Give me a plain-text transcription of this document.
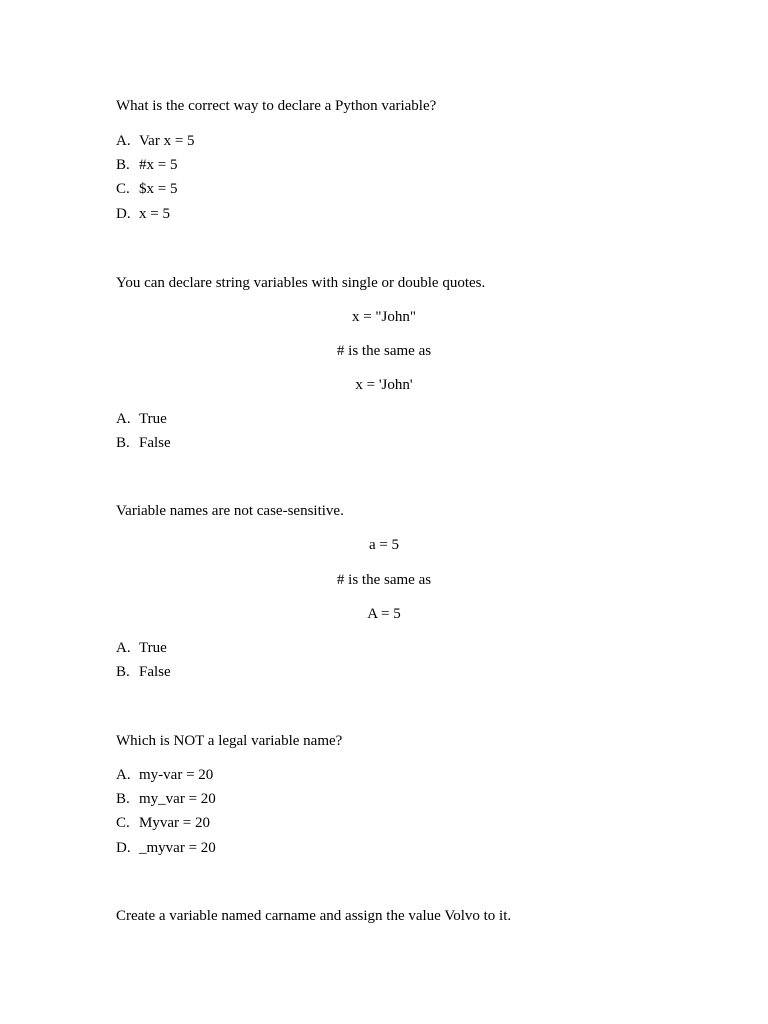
What is the correct way to declare a Python variable?
A. Var x = 5
B. #x = 5
C. $x = 5
D. x = 5
You can declare string variables with single or double quotes.
x = "John"
# is the same as
x = 'John'
A. True
B. False
Variable names are not case-sensitive.
a = 5
# is the same as
A = 5
A. True
B. False
Which is NOT a legal variable name?
A. my-var = 20
B. my_var = 20
C. Myvar = 20
D. _myvar = 20
Create a variable named carname and assign the value Volvo to it.
